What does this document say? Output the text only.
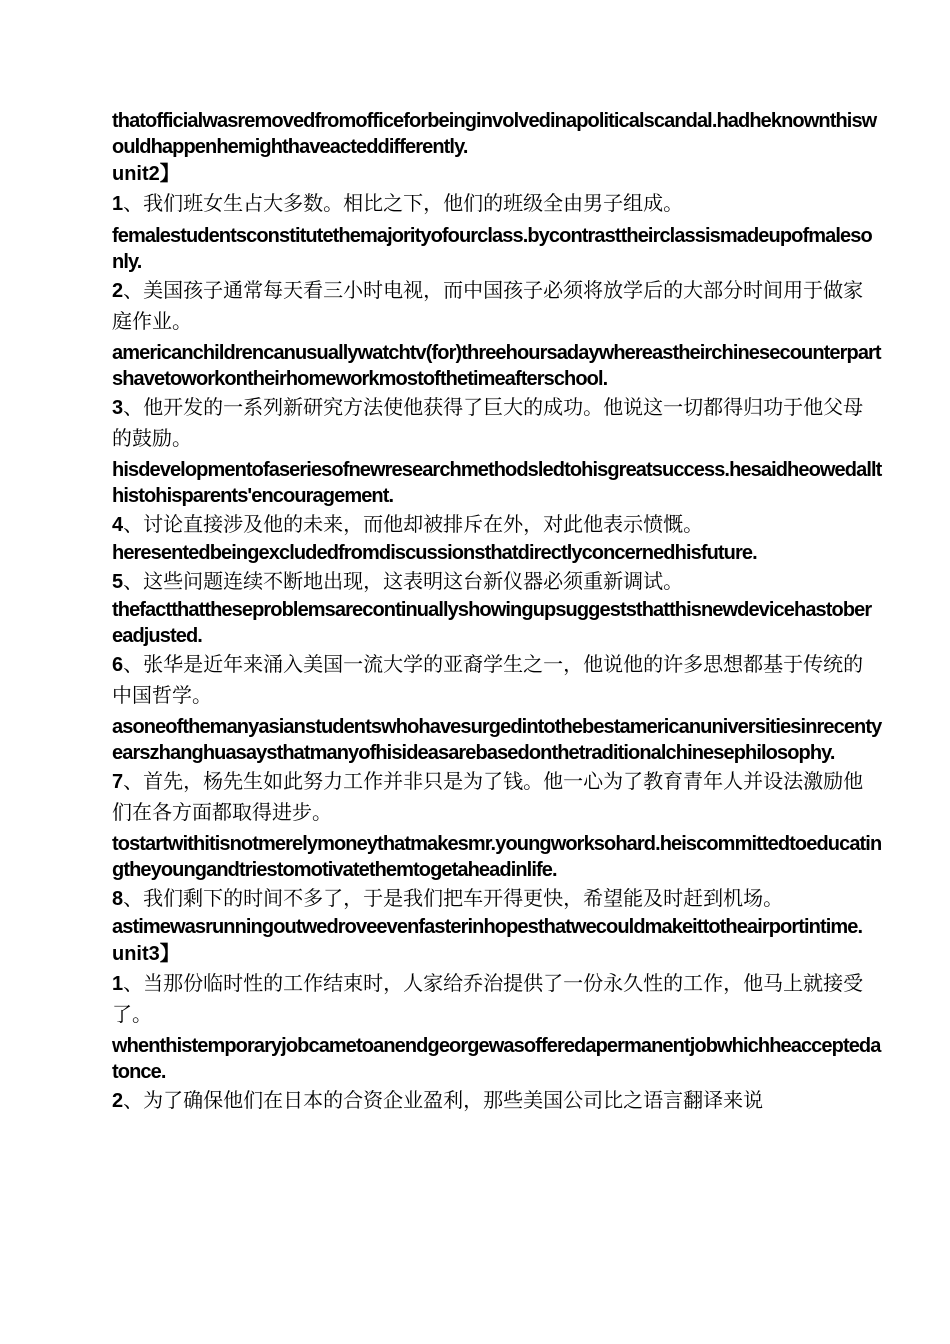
thatofficialwasremovedfromofficeforbeinginvolvedinapoliticalscandal.hadheknownthiswouldhappenhemighthaveacteddifferently.

unit2】

1、我们班女生占大多数。相比之下，他们的班级全由男子组成。

femalestudentsconstitutethemajorityofourclass.bycontrasttheirclassismadeupofmalesonly.

2、美国孩子通常每天看三小时电视，而中国孩子必须将放学后的大部分时间用于做家庭作业。

americanchildrencanusuallywatchtv(for)threehoursadaywhereastheirchinesecounterpartshavetoworkontheirhomeworkmostofthetimeafterschool.

3、他开发的一系列新研究方法使他获得了巨大的成功。他说这一切都得归功于他父母的鼓励。

hisdevelopmentofaseriesofnewresearchmethodsledtohisgreatsuccess.hesaidheowedallthistohisparents'encouragement.

4、讨论直接涉及他的未来，而他却被排斥在外，对此他表示愤慨。

heresentedbeingexcludedfromdiscussionsthatdirectlyconcernedhisfuture.

5、这些问题连续不断地出现，这表明这台新仪器必须重新调试。

thefactthattheseproblemsarecontinuallyshowingupsuggeststhatthisnewdevicehastober

eadjusted.

6、张华是近年来涌入美国一流大学的亚裔学生之一，他说他的许多思想都基于传统的中国哲学。

asoneofthemanyasianstudentswhohavesurgedintothebestamericanuniversitiesinrecentyearszhanghuasaysthatmanyofhisideasarebasedonthetraditionalchinesephilosophy.

7、首先，杨先生如此努力工作并非只是为了钱。他一心为了教育青年人并设法激励他们在各方面都取得进步。

tostartwithitisnotmerelymoneythatmakesmr.youngworksohard.heiscommittedtoeducatingtheyoungandtriestomotivatethemtogetaheadinlife.

8、我们剩下的时间不多了，于是我们把车开得更快，希望能及时赶到机场。

astimewasrunningoutwedroveevenfasterinhopesthatwecouldmakeittotheairportintime.

unit3】

1、当那份临时性的工作结束时，人家给乔治提供了一份永久性的工作，他马上就接受了。

whenthistemporaryjobcametoanendgeorgewasofferedapermanentjobwhichheacceptedatonce.

2、为了确保他们在日本的合资企业盈利，那些美国公司比之语言翻译来说
